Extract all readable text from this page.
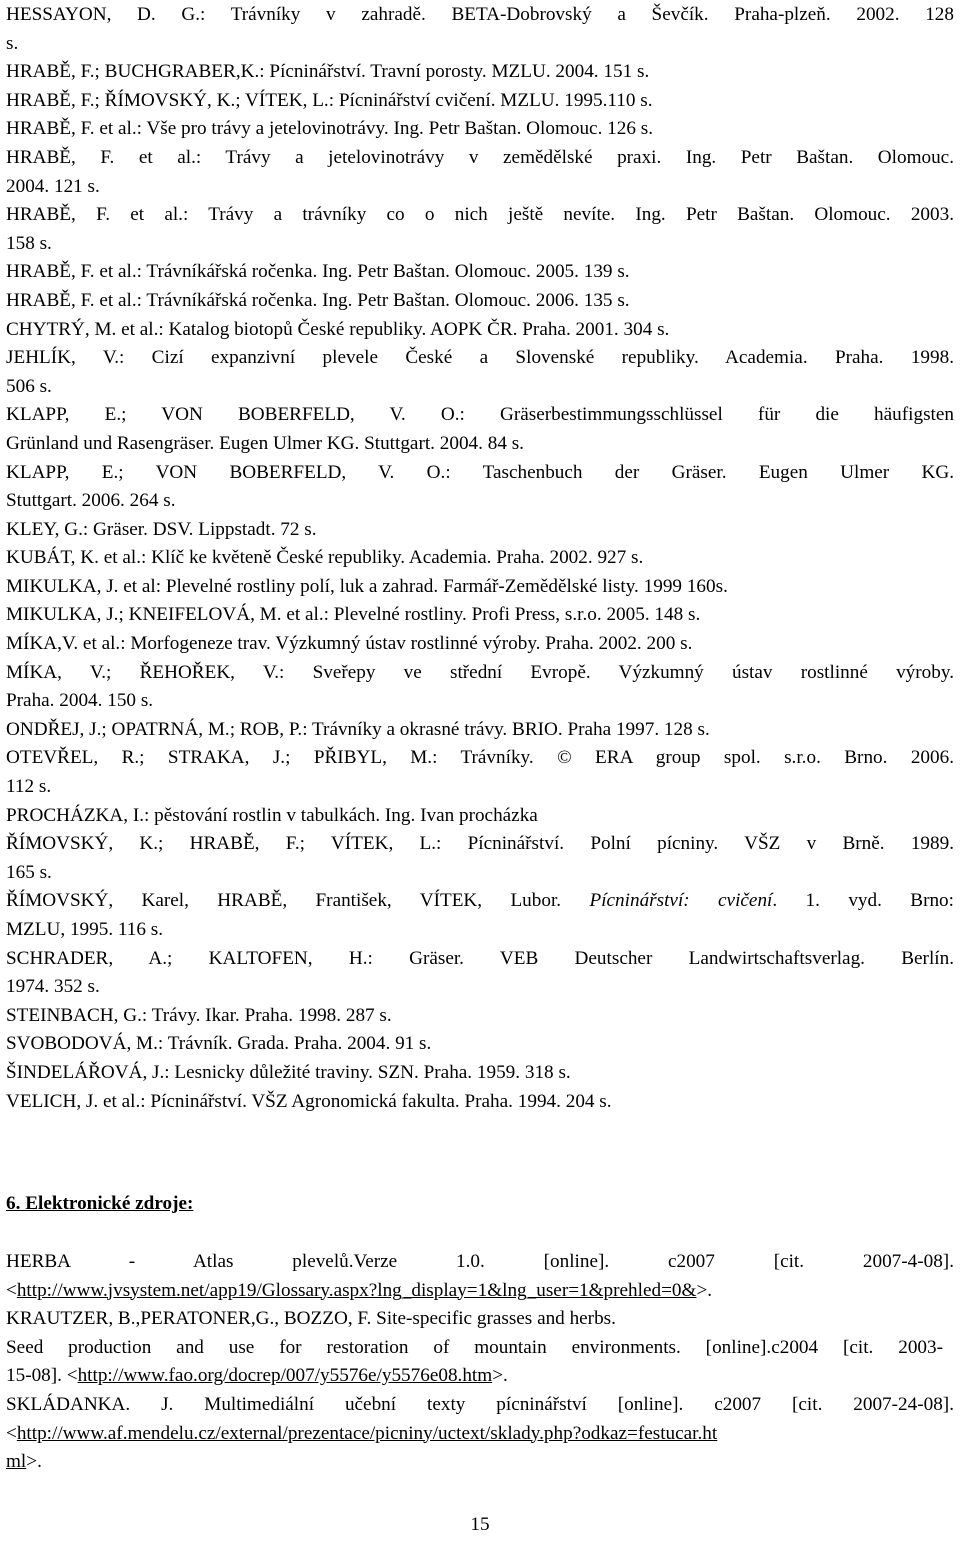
HESSAYON, D. G.: Trávníky v zahradě. BETA-Dobrovský a Ševčík. Praha-plzeň. 2002. 128
s.
HRABĚ, F.; BUCHGRABER,K.: Pícninářství. Travní porosty. MZLU. 2004. 151 s.
HRABĚ, F.; ŘÍMOVSKÝ, K.; VÍTEK, L.: Pícninářství cvičení. MZLU. 1995.110 s.
HRABĚ, F. et al.: Vše pro trávy a jetelovinotrávy. Ing. Petr Baštan. Olomouc. 126 s.
HRABĚ, F. et al.: Trávy a jetelovinotrávy v zemědělské praxi. Ing. Petr Baštan. Olomouc.
2004. 121 s.
HRABĚ, F. et al.: Trávy a trávníky co o nich ještě nevíte. Ing. Petr Baštan. Olomouc. 2003.
158 s.
HRABĚ, F. et al.: Trávníkářská ročenka. Ing. Petr Baštan. Olomouc. 2005. 139 s.
HRABĚ, F. et al.: Trávníkářská ročenka. Ing. Petr Baštan. Olomouc. 2006. 135 s.
CHYTRÝ, M. et al.: Katalog biotopů České republiky. AOPK ČR. Praha. 2001. 304 s.
JEHLÍK, V.: Cizí expanzivní plevele České a Slovenské republiky. Academia. Praha. 1998.
506 s.
KLAPP, E.; VON BOBERFELD, V. O.: Gräserbestimmungsschlüssel für die häufigsten
Grünland und Rasengräser. Eugen Ulmer KG. Stuttgart. 2004. 84 s.
KLAPP, E.; VON BOBERFELD, V. O.: Taschenbuch der Gräser. Eugen Ulmer KG.
Stuttgart. 2006. 264 s.
KLEY, G.: Gräser. DSV. Lippstadt. 72 s.
KUBÁT, K. et al.: Klíč ke květeně České republiky. Academia. Praha. 2002. 927 s.
MIKULKA, J. et al: Plevelné rostliny polí, luk a zahrad. Farmář-Zemědělské listy. 1999 160s.
MIKULKA, J.; KNEIFELOVÁ, M. et al.: Plevelné rostliny. Profi Press, s.r.o. 2005. 148 s.
MÍKA,V. et al.: Morfogeneze trav. Výzkumný ústav rostlinné výroby. Praha. 2002. 200 s.
MÍKA, V.; ŘEHOŘEK, V.: Sveřepy ve střední Evropě. Výzkumný ústav rostlinné výroby.
Praha. 2004. 150 s.
ONDŘEJ, J.; OPATRNÁ, M.; ROB, P.: Trávníky a okrasné trávy. BRIO. Praha 1997. 128 s.
OTEVŘEL, R.; STRAKA, J.; PŘIBYL, M.: Trávníky. © ERA group spol. s.r.o. Brno. 2006.
112 s.
PROCHÁZKA, I.: pěstování rostlin v tabulkách. Ing. Ivan procházka
ŘÍMOVSKÝ, K.; HRABĚ, F.; VÍTEK, L.: Pícninářství. Polní pícniny. VŠZ v Brně. 1989.
165 s.
ŘÍMOVSKÝ, Karel, HRABĚ, František, VÍTEK, Lubor. Pícninářství: cvičení. 1. vyd. Brno:
MZLU, 1995. 116 s.
SCHRADER, A.; KALTOFEN, H.: Gräser. VEB Deutscher Landwirtschaftsverlag. Berlín.
1974. 352 s.
STEINBACH, G.: Trávy. Ikar. Praha. 1998. 287 s.
SVOBODOVÁ, M.: Trávník. Grada. Praha. 2004. 91 s.
ŠINDELÁŘOVÁ, J.: Lesnicky důležité traviny. SZN. Praha. 1959. 318 s.
VELICH, J. et al.: Pícninářství. VŠZ Agronomická fakulta. Praha. 1994. 204 s.
6. Elektronické zdroje:
HERBA - Atlas plevelů.Verze 1.0. [online]. c2007 [cit. 2007-4-08].
<http://www.jvsystem.net/app19/Glossary.aspx?lng_display=1&lng_user=1&prehled=0&>.
KRAUTZER, B.,PERATONER,G., BOZZO, F. Site-specific grasses and herbs.
Seed production and use for restoration of mountain environments. [online].c2004 [cit. 2003-
15-08]. <http://www.fao.org/docrep/007/y5576e/y5576e08.htm>.
SKLÁDANKA. J. Multimediální učební texty pícninářství [online]. c2007 [cit. 2007-24-08].
<http://www.af.mendelu.cz/external/prezentace/picniny/uctext/sklady.php?odkaz=festucar.ht
ml>.
15
